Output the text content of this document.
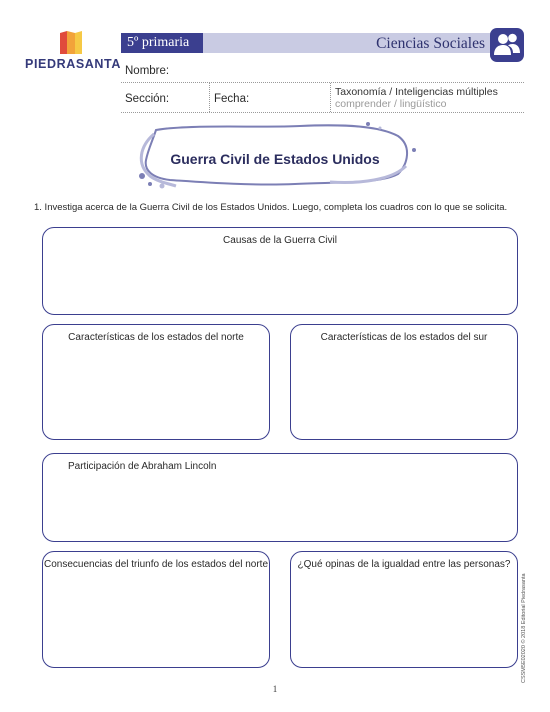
PIEDRASANTA
5º primaria	Ciencias Sociales
Nombre:
Sección:	Fecha:
Taxonomía / Inteligencias múltiples
comprender / lingüístico
Guerra Civil de Estados Unidos
1. Investiga acerca de la Guerra Civil de los Estados Unidos. Luego, completa los cuadros con lo que se solicita.
Causas de la Guerra Civil
Características de los estados del norte	Características de los estados del sur
Participación de Abraham Lincoln
Consecuencias del triunfo de los estados del norte	¿Qué opinas de la igualdad entre las personas?
1
CSSM5E02020 © 2018 Editorial Piedrasanta
